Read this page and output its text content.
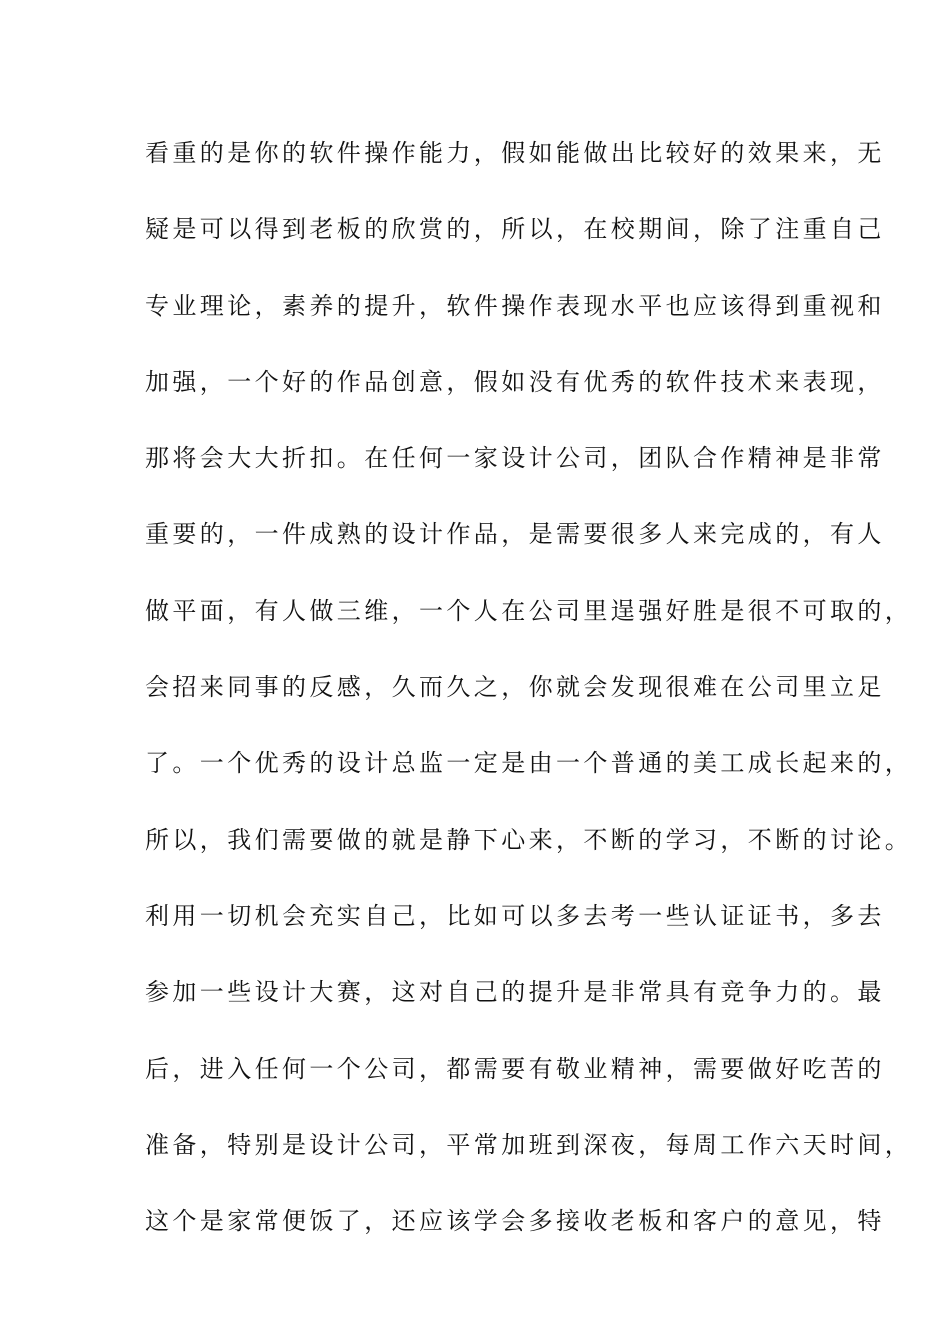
看重的是你的软件操作能力，假如能做出比较好的效果来，无
疑是可以得到老板的欣赏的，所以，在校期间，除了注重自己
专业理论，素养的提升，软件操作表现水平也应该得到重视和
加强，一个好的作品创意，假如没有优秀的软件技术来表现，
那将会大大折扣。在任何一家设计公司，团队合作精神是非常
重要的，一件成熟的设计作品，是需要很多人来完成的，有人
做平面，有人做三维，一个人在公司里逞强好胜是很不可取的，
会招来同事的反感，久而久之，你就会发现很难在公司里立足
了。一个优秀的设计总监一定是由一个普通的美工成长起来的，
所以，我们需要做的就是静下心来，不断的学习，不断的讨论。
利用一切机会充实自己，比如可以多去考一些认证证书，多去
参加一些设计大赛，这对自己的提升是非常具有竞争力的。最
后，进入任何一个公司，都需要有敬业精神，需要做好吃苦的
准备，特别是设计公司，平常加班到深夜，每周工作六天时间，
这个是家常便饭了，还应该学会多接收老板和客户的意见，特
